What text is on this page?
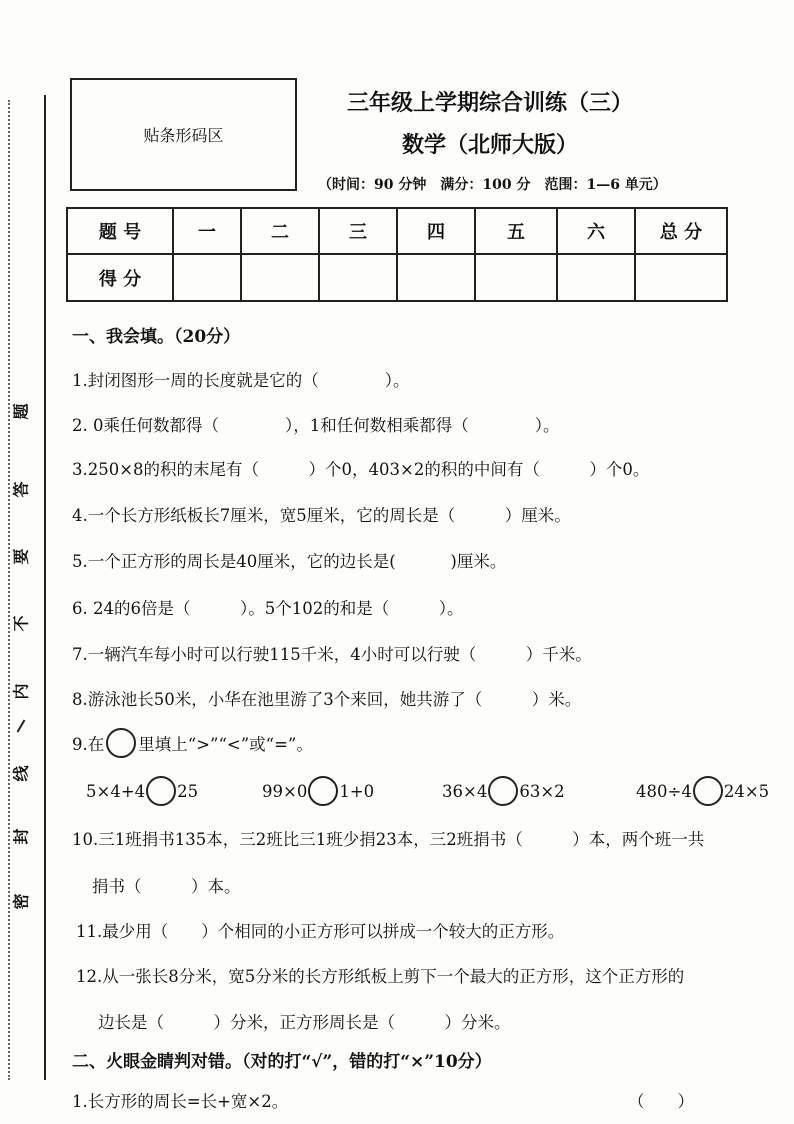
题
答
要
不
内
线
封
密
贴条形码区
三年级上学期综合训练（三）
数学（北师大版）
（时间：90 分钟　满分：100 分　范围：1—6 单元）
题 号	一	二	三	四	五	六	总 分
得 分							
一、我会填。（20分）
1.封闭图形一周的长度就是它的（　　　　）。
2. 0乘任何数都得（　　　　），1和任何数相乘都得（　　　　）。
3.250×8的积的末尾有（　　　）个0，403×2的积的中间有（　　　）个0。
4.一个长方形纸板长7厘米，宽5厘米，它的周长是（　　　）厘米。
5.一个正方形的周长是40厘米，它的边长是(　　　 )厘米。
6. 24的6倍是（　　　）。5个102的和是（　　　）。
7.一辆汽车每小时可以行驶115千米，4小时可以行驶（　　　）千米。
8.游泳池长50米，小华在池里游了3个来回，她共游了（　　　）米。
9.在 里填上“>”“<”或“=”。
5×4+4 25	99×0 1+0	36×4 63×2	480÷4 24×5
10.三1班捐书135本，三2班比三1班少捐23本，三2班捐书（　　　）本，两个班一共
捐书（　　　）本。
11.最少用（　　）个相同的小正方形可以拼成一个较大的正方形。
12.从一张长8分米，宽5分米的长方形纸板上剪下一个最大的正方形，这个正方形的
边长是（　　　）分米，正方形周长是（　　　）分米。
二、火眼金睛判对错。（对的打“√”，错的打“×”10分）
1.长方形的周长=长+宽×2。	（　　）
